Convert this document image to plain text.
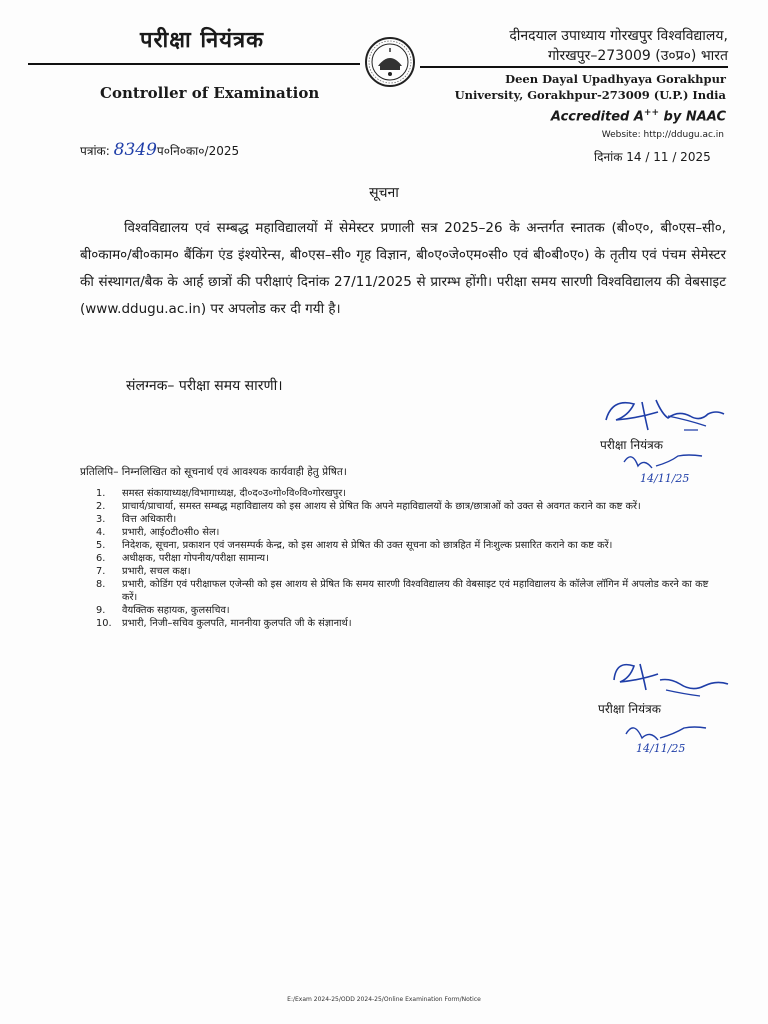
परीक्षा नियंत्रक	दीनदयाल उपाध्याय गोरखपुर विश्वविद्यालय,
गोरखपुर–273009 (उ०प्र०) भारत
Controller of Examination
Deen Dayal Upadhyaya Gorakhpur
University, Gorakhpur-273009 (U.P.) India
Accredited A++ by NAAC
Website: http://ddugu.ac.in
पत्रांक: 8349प०नि०का०/2025	दिनांक 14 / 11 / 2025
सूचना
विश्वविद्यालय एवं सम्बद्ध महाविद्यालयों में सेमेस्टर प्रणाली सत्र 2025–26 के अन्तर्गत स्नातक (बी०ए०, बी०एस–सी०, बी०काम०/बी०काम० बैंकिंग एंड इंश्योरेन्स, बी०एस–सी० गृह विज्ञान, बी०ए०जे०एम०सी० एवं बी०बी०ए०) के तृतीय एवं पंचम सेमेस्टर की संस्थागत/बैक के आर्ह छात्रों की परीक्षाएं दिनांक 27/11/2025 से प्रारम्भ होंगी। परीक्षा समय सारणी विश्वविद्यालय की वेबसाइट (www.ddugu.ac.in) पर अपलोड कर दी गयी है।
संलग्नक– परीक्षा समय सारणी।
परीक्षा नियंत्रक
14/11/25
प्रतिलिपि– निम्नलिखित को सूचनार्थ एवं आवश्यक कार्यवाही हेतु प्रेषित।
1. समस्त संकायाध्यक्ष/विभागाध्यक्ष, दी०द०उ०गो०वि०वि०गोरखपुर।
2. प्राचार्य/प्राचार्या, समस्त सम्बद्ध महाविद्यालय को इस आशय से प्रेषित कि अपने महाविद्यालयों के छात्र/छात्राओं को उक्त से अवगत कराने का कष्ट करें।
3. वित्त अधिकारी।
4. प्रभारी, आईoटीoसीo सेल।
5. निदेशक, सूचना, प्रकाशन एवं जनसम्पर्क केन्द्र, को इस आशय से प्रेषित की उक्त सूचना को छात्रहित में निःशुल्क प्रसारित कराने का कष्ट करें।
6. अधीक्षक, परीक्षा गोपनीय/परीक्षा सामान्य।
7. प्रभारी, सचल कक्ष।
8. प्रभारी, कोडिंग एवं परीक्षाफल एजेन्सी को इस आशय से प्रेषित कि समय सारणी विश्वविद्यालय की वेबसाइट एवं महाविद्यालय के कॉलेज लॉगिन में अपलोड करने का कष्ट करें।
9. वैयक्तिक सहायक, कुलसचिव।
10. प्रभारी, निजी–सचिव कुलपति, माननीया कुलपति जी के संज्ञानार्थ।
परीक्षा नियंत्रक
14/11/25
E:/Exam 2024-25/ODD 2024-25/Online Examination Form/Notice
